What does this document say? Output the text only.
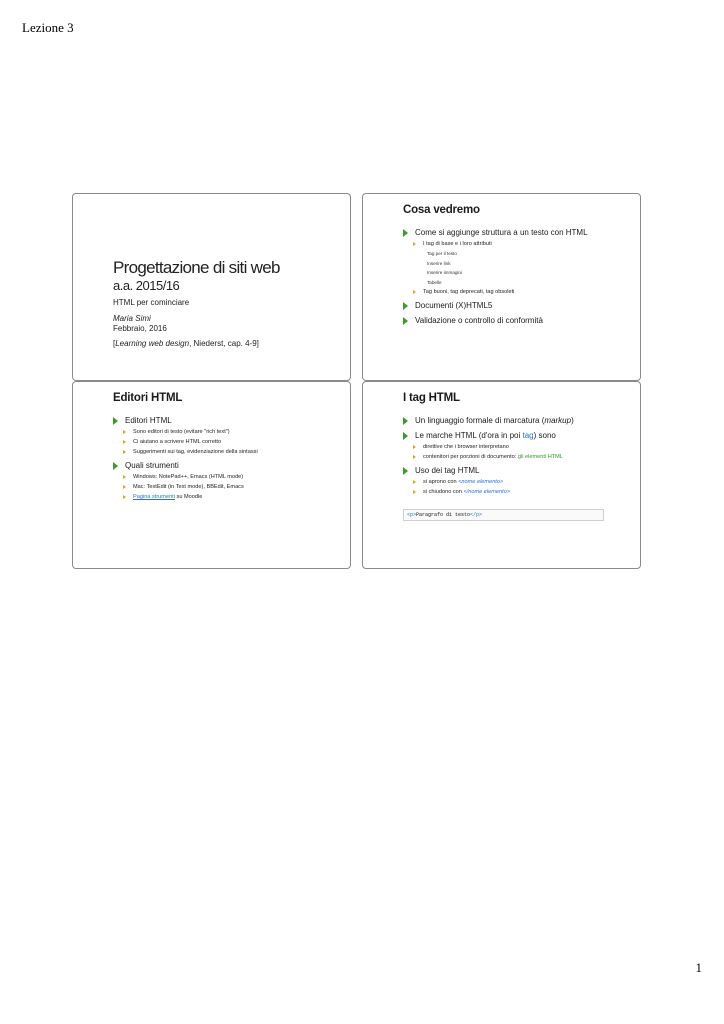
Lezione 3
Progettazione di siti web
a.a. 2015/16
HTML per cominciare
Maria Simi
Febbraio, 2016
[Learning web design, Niederst, cap. 4-9]
Cosa vedremo
Come si aggiunge struttura a un testo con HTML
I tag di base e i loro attributi
Tag per il testo
Inserire link
Inserire immagini
Tabelle
Tag buoni, tag deprecati, tag obsoleti
Documenti (X)HTML5
Validazione o controllo di conformità
Editori HTML
Editori HTML
Sono editori di testo (evitare "rich text")
Ci aiutano a scrivere HTML corretto
Suggerimenti sui tag, evidenziazione della sintassi
Quali strumenti
Windows: NotePad++, Emacs (HTML mode)
Mac: TextEdit (in Text mode), BBEdit, Emacs
Pagina strumenti su Moodle
I tag HTML
Un linguaggio formale di marcatura (markup)
Le marche HTML (d'ora in poi tag) sono
direttive che i browser interpretano
contenitori per porzioni di documento: gli elementi HTML
Uso dei tag HTML
si aprono con <nome elemento>
si chiudono con </nome elemento>
<p>Paragrafo di testo</p>
1
